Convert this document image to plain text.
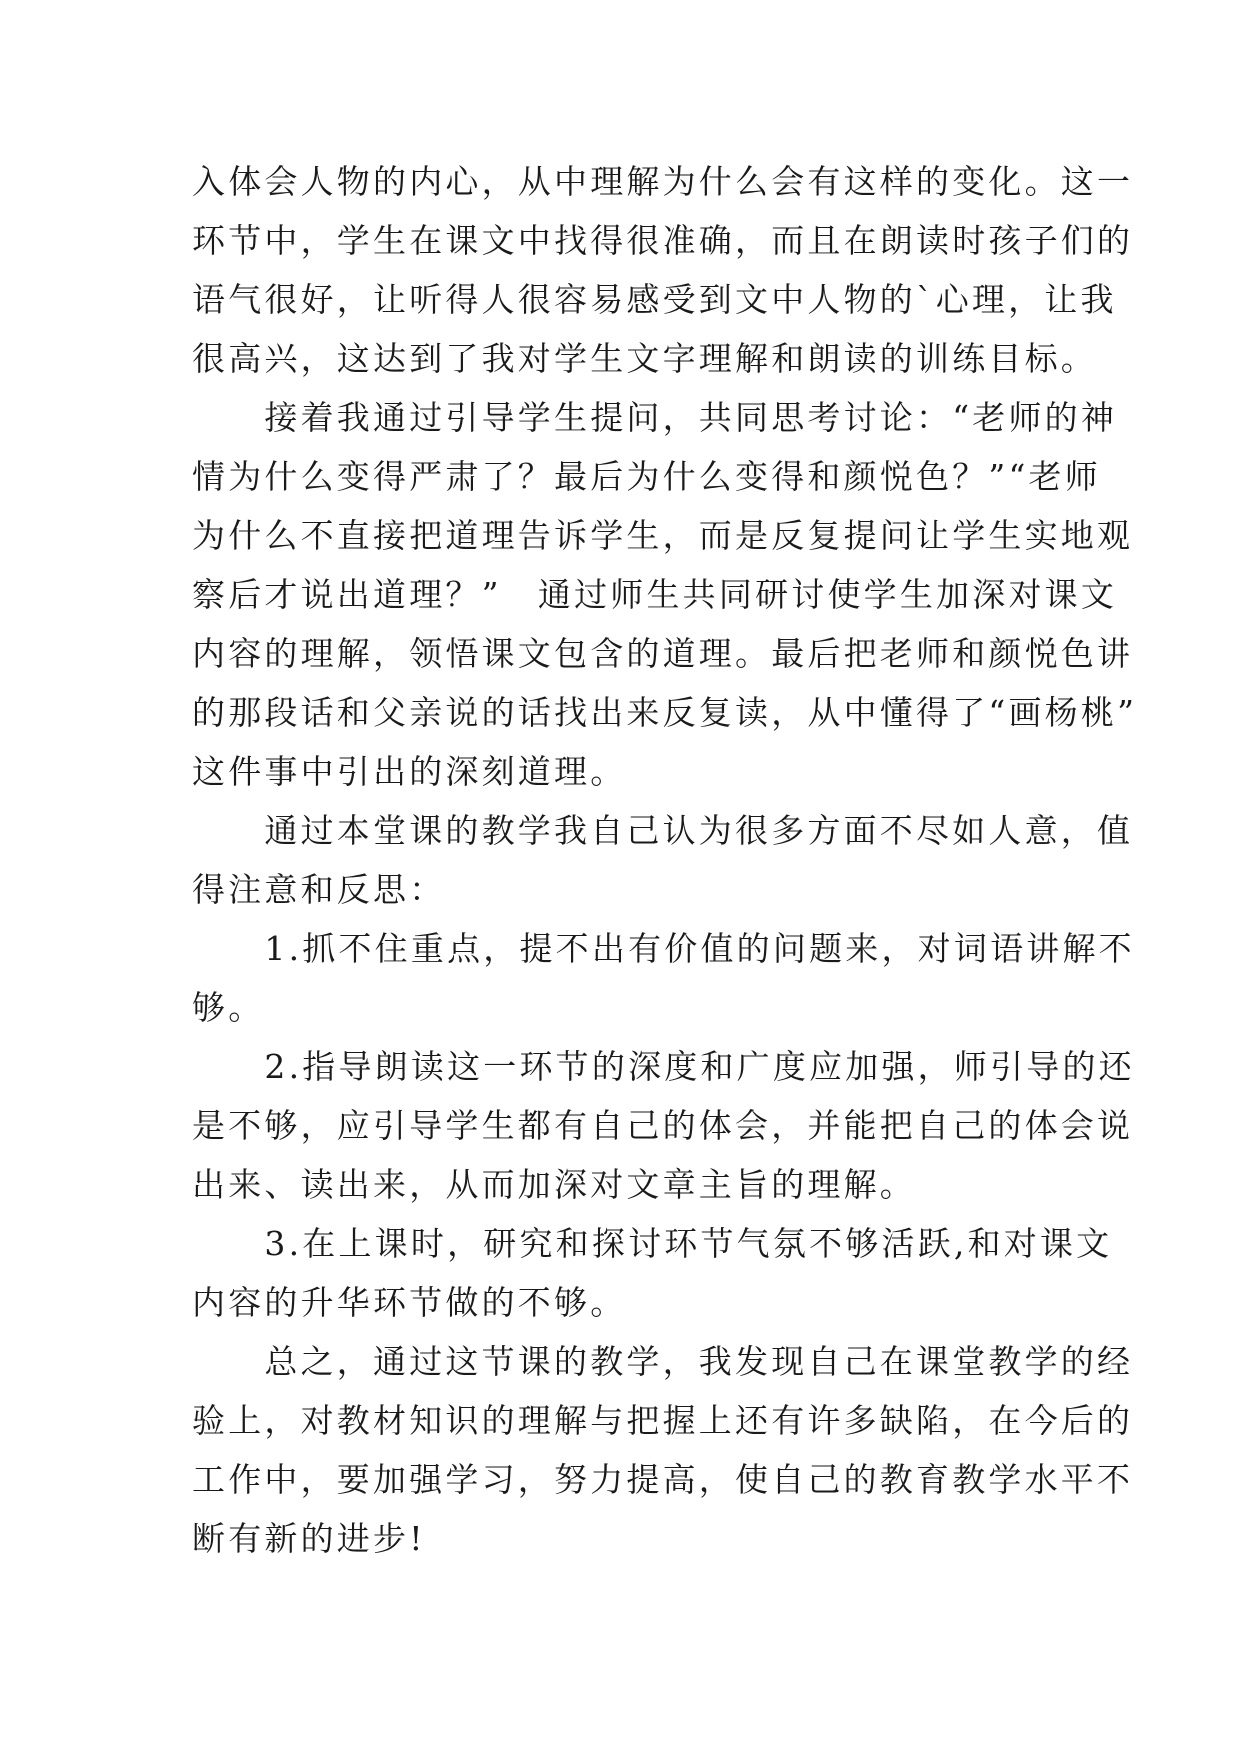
入体会人物的内心，从中理解为什么会有这样的变化。这一
环节中，学生在课文中找得很准确，而且在朗读时孩子们的
语气很好，让听得人很容易感受到文中人物的`心理，让我
很高兴，这达到了我对学生文字理解和朗读的训练目标。
　　接着我通过引导学生提问，共同思考讨论：“老师的神
情为什么变得严肃了？最后为什么变得和颜悦色？”“老师
为什么不直接把道理告诉学生，而是反复提问让学生实地观
察后才说出道理？”　通过师生共同研讨使学生加深对课文
内容的理解，领悟课文包含的道理。最后把老师和颜悦色讲
的那段话和父亲说的话找出来反复读，从中懂得了“画杨桃”
这件事中引出的深刻道理。
　　通过本堂课的教学我自己认为很多方面不尽如人意，值
得注意和反思：
　　1.抓不住重点，提不出有价值的问题来，对词语讲解不
够。
　　2.指导朗读这一环节的深度和广度应加强，师引导的还
是不够，应引导学生都有自己的体会，并能把自己的体会说
出来、读出来，从而加深对文章主旨的理解。
　　3.在上课时，研究和探讨环节气氛不够活跃,和对课文
内容的升华环节做的不够。
　　总之，通过这节课的教学，我发现自己在课堂教学的经
验上，对教材知识的理解与把握上还有许多缺陷，在今后的
工作中，要加强学习，努力提高，使自己的教育教学水平不
断有新的进步!
